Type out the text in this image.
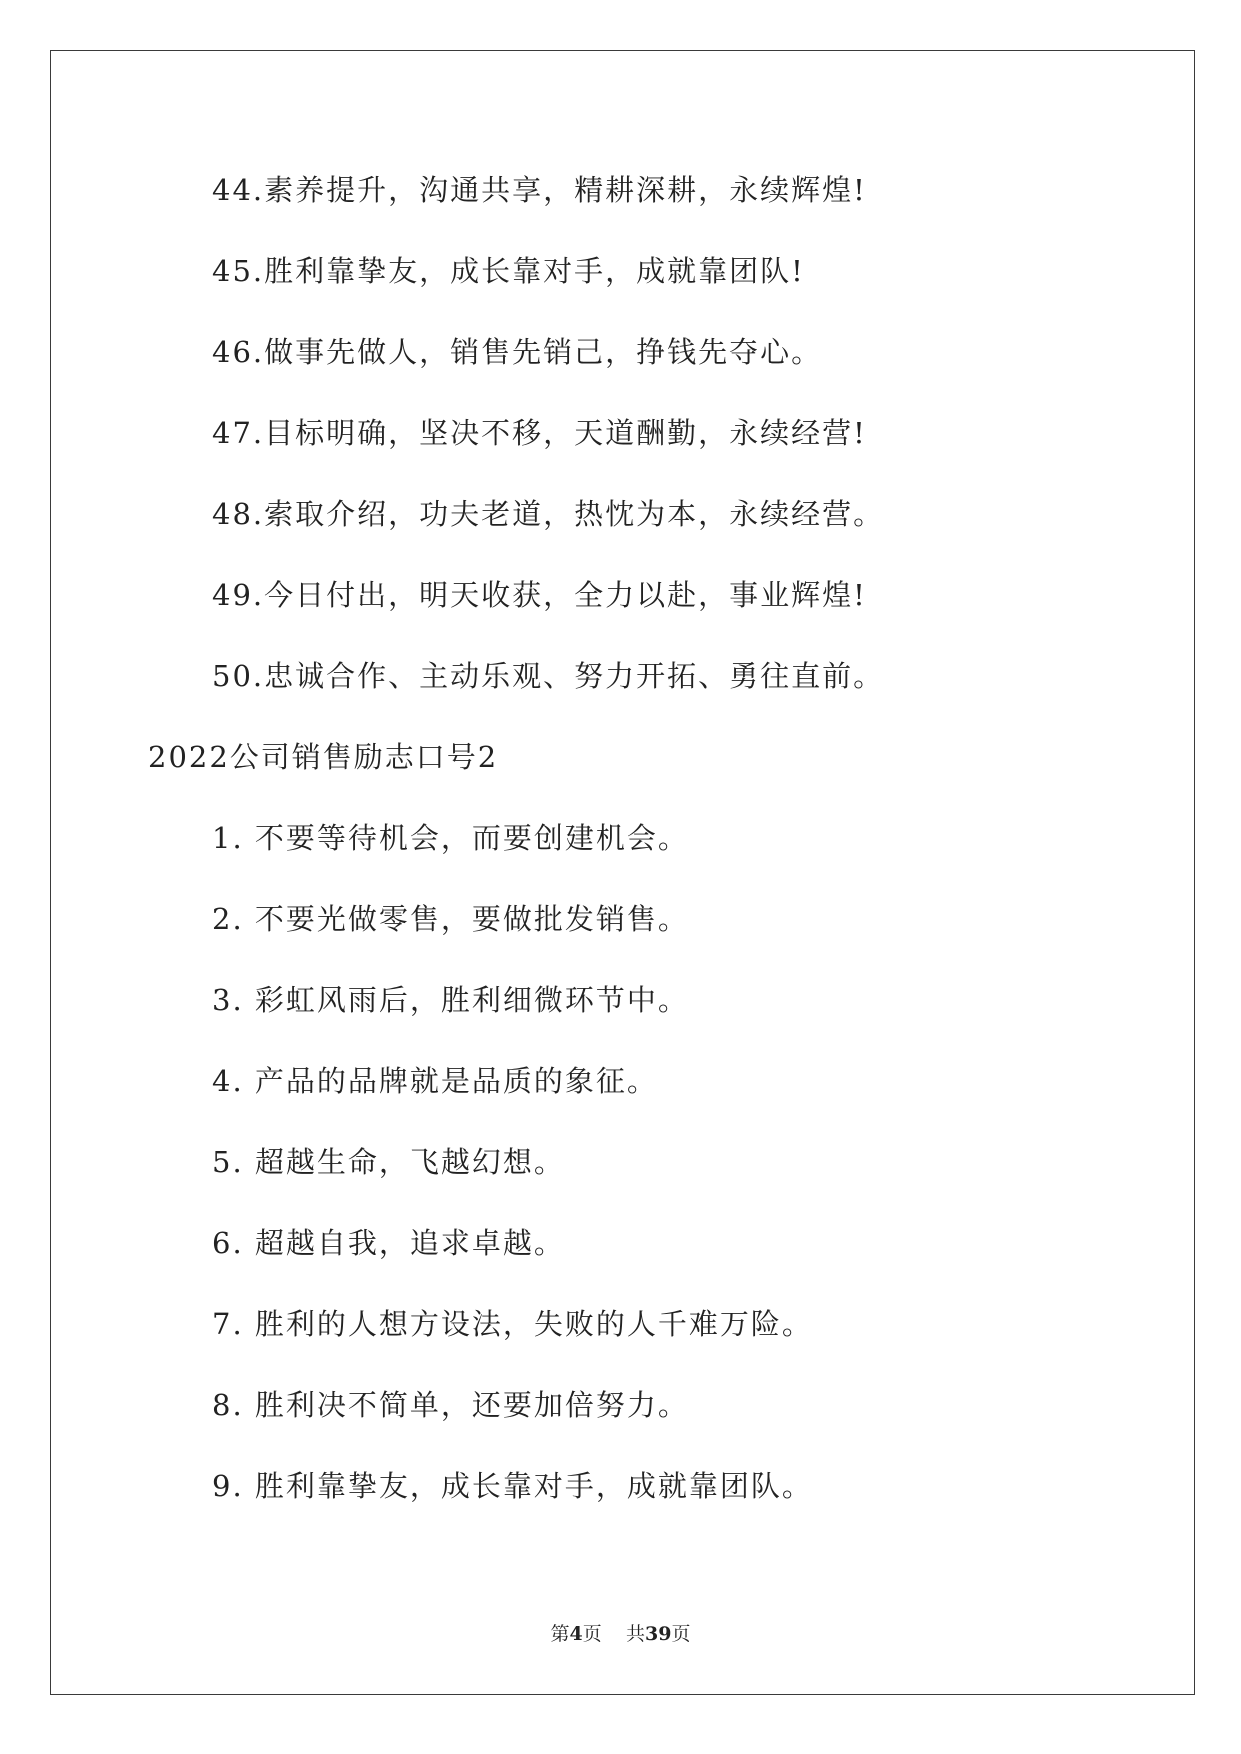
44.素养提升，沟通共享，精耕深耕，永续辉煌!
45.胜利靠挚友，成长靠对手，成就靠团队!
46.做事先做人，销售先销己，挣钱先夺心。
47.目标明确，坚决不移，天道酬勤，永续经营!
48.索取介绍，功夫老道，热忱为本，永续经营。
49.今日付出，明天收获，全力以赴，事业辉煌!
50.忠诚合作、主动乐观、努力开拓、勇往直前。
2022公司销售励志口号2
1. 不要等待机会，而要创建机会。
2. 不要光做零售，要做批发销售。
3. 彩虹风雨后，胜利细微环节中。
4. 产品的品牌就是品质的象征。
5. 超越生命，飞越幻想。
6. 超越自我，追求卓越。
7. 胜利的人想方设法，失败的人千难万险。
8. 胜利决不简单，还要加倍努力。
9. 胜利靠挚友，成长靠对手，成就靠团队。
第4页 共39页
